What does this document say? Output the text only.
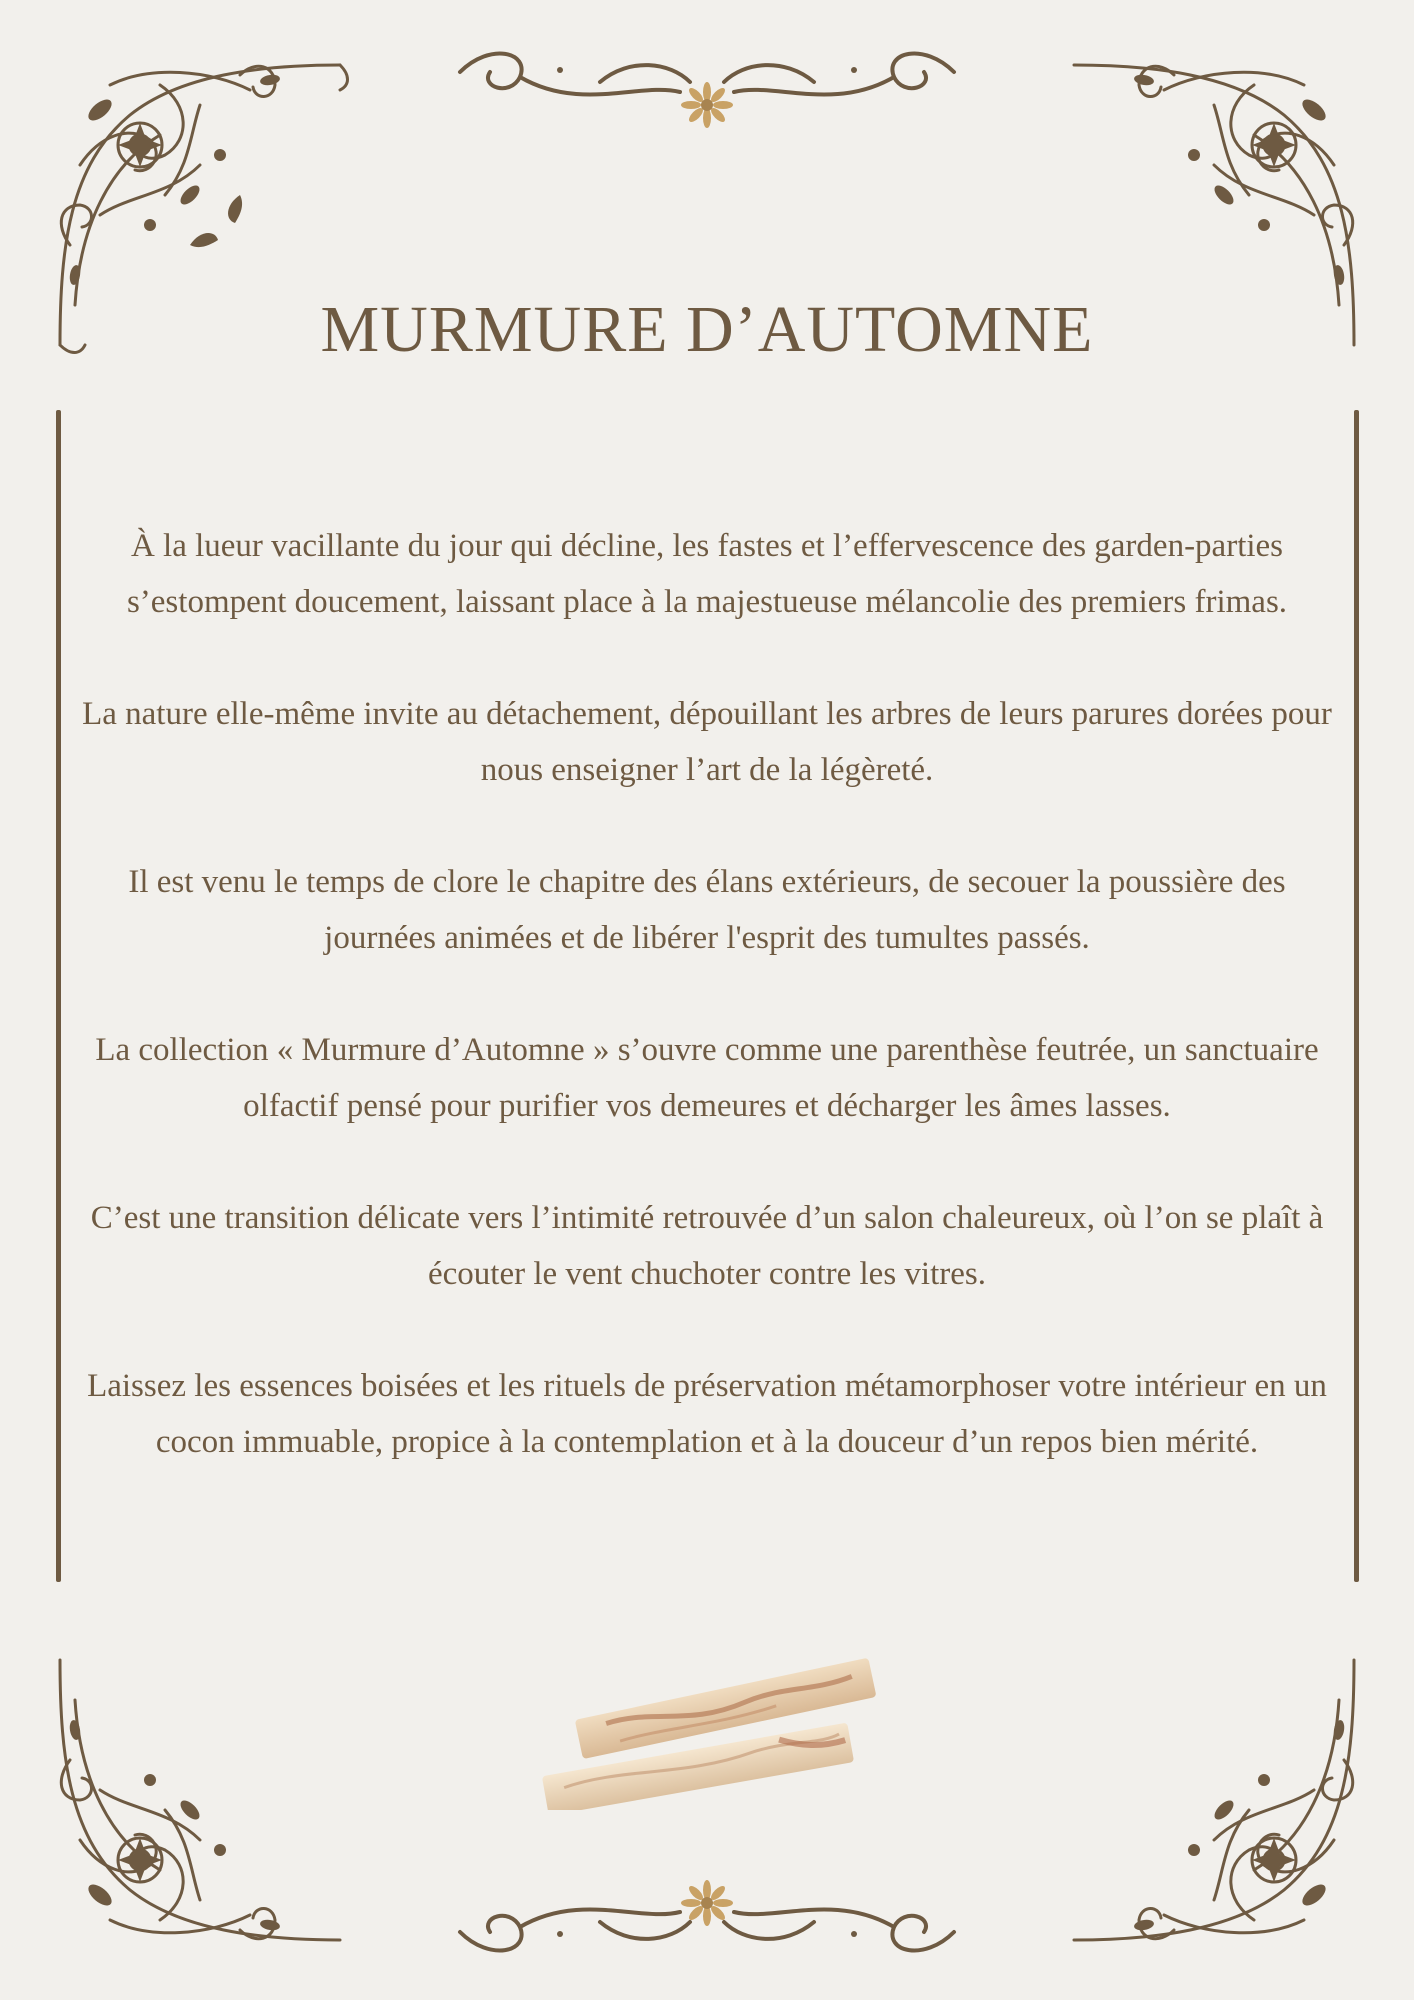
MURMURE D’AUTOMNE

À la lueur vacillante du jour qui décline, les fastes et l’effervescence des garden-parties s’estompent doucement, laissant place à la majestueuse mélancolie des premiers frimas.

La nature elle-même invite au détachement, dépouillant les arbres de leurs parures dorées pour nous enseigner l’art de la légèreté.

Il est venu le temps de clore le chapitre des élans extérieurs, de secouer la poussière des journées animées et de libérer l'esprit des tumultes passés.

La collection « Murmure d’Automne » s’ouvre comme une parenthèse feutrée, un sanctuaire olfactif pensé pour purifier vos demeures et décharger les âmes lasses.

C’est une transition délicate vers l’intimité retrouvée d’un salon chaleureux, où l’on se plaît à écouter le vent chuchoter contre les vitres.

Laissez les essences boisées et les rituels de préservation métamorphoser votre intérieur en un cocon immuable, propice à la contemplation et à la douceur d’un repos bien mérité.
